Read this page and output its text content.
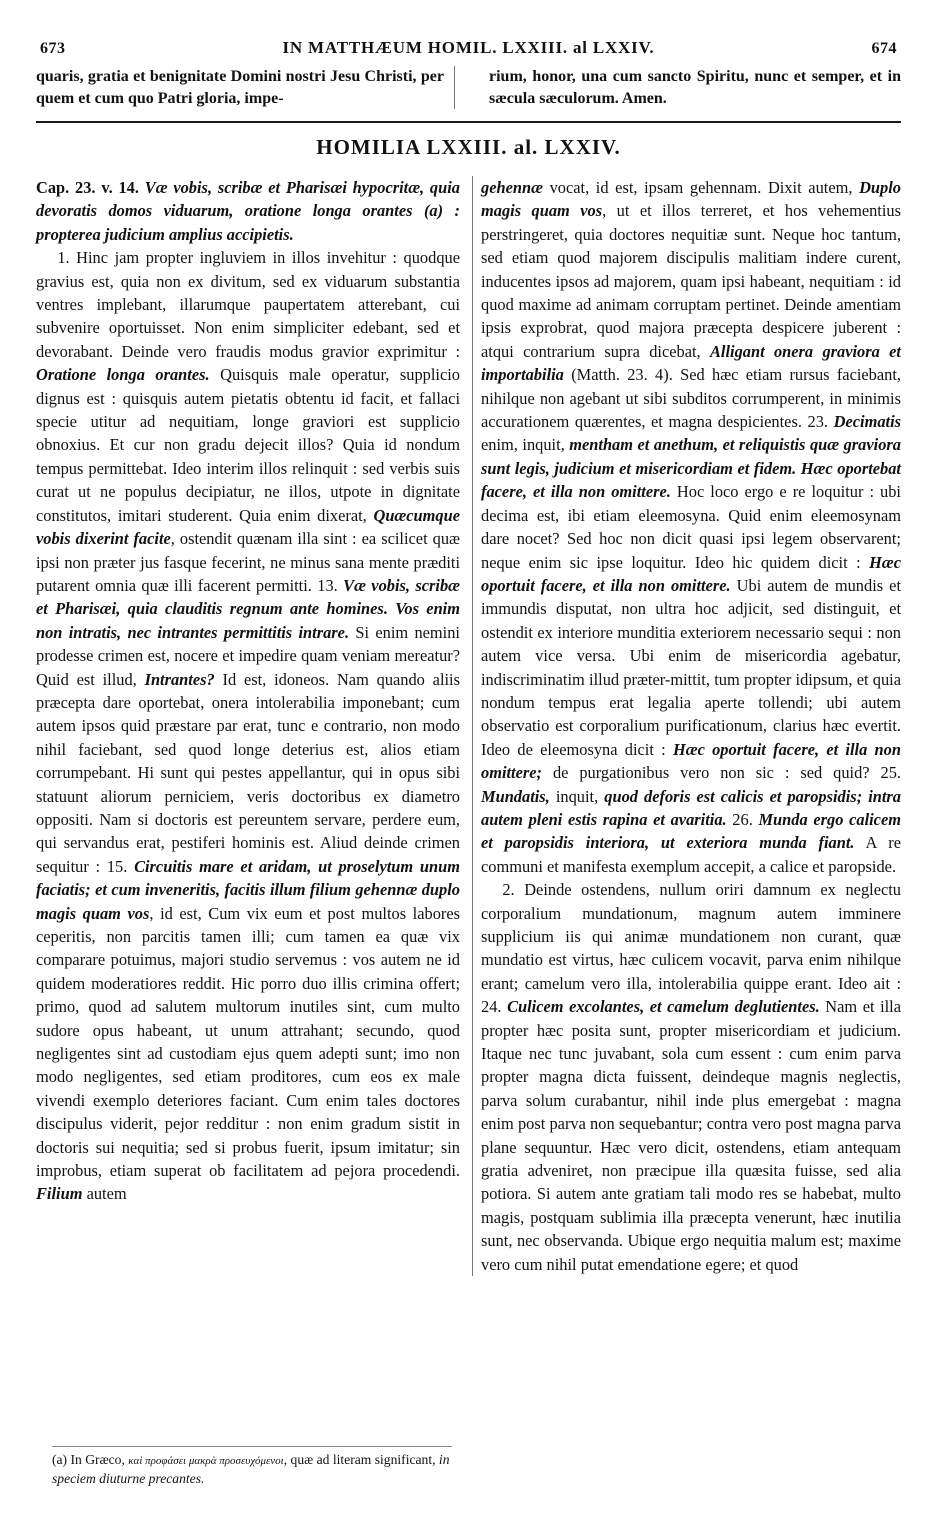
673	IN MATTHÆUM HOMIL. LXXIII. al LXXIV.	674
quaris, gratia et benignitate Domini nostri Jesu Christi, per quem et cum quo Patri gloria, impe-
rium, honor, una cum sancto Spiritu, nunc et semper, et in sæcula sæculorum. Amen.
HOMILIA LXXIII. al. LXXIV.

Cap. 23. v. 14. Væ vobis, scribæ et Pharisæi hypocritæ, quia devoratis domos viduarum, oratione longa orantes (a) : propterea judicium amplius accipietis.

1. Hinc jam propter ingluviem in illos invehitur : quodque gravius est, quia non ex divitum, sed ex viduarum substantia ventres implebant, illarumque paupertatem atterebant, cui subvenire oportuisset. Non enim simpliciter edebant, sed et devorabant. Deinde vero fraudis modus gravior exprimitur : Oratione longa orantes. Quisquis male operatur, supplicio dignus est : quisquis autem pietatis obtentu id facit, et fallaci specie utitur ad nequitiam, longe graviori est supplicio obnoxius. Et cur non gradu dejecit illos? Quia id nondum tempus permittebat. Ideo interim illos relinquit : sed verbis suis curat ut ne populus decipiatur, ne illos, utpote in dignitate constitutos, imitari studerent. Quia enim dixerat, Quæcumque vobis dixerint facite, ostendit quænam illa sint : ea scilicet quæ ipsi non præter jus fasque fecerint, ne minus sana mente præditi putarent omnia quæ illi facerent permitti. 13. Væ vobis, scribæ et Pharisæi, quia clauditis regnum ante homines. Vos enim non intratis, nec intrantes permittitis intrare. Si enim nemini prodesse crimen est, nocere et impedire quam veniam mereatur? Quid est illud, Intrantes? Id est, idoneos. Nam quando aliis præcepta dare oportebat, onera intolerabilia imponebant; cum autem ipsos quid præstare par erat, tunc e contrario, non modo nihil faciebant, sed quod longe deterius est, alios etiam corrumpebant. Hi sunt qui pestes appellantur, qui in opus sibi statuunt aliorum perniciem, veris doctoribus ex diametro oppositi. Nam si doctoris est pereuntem servare, perdere eum, qui servandus erat, pestiferi hominis est. Aliud deinde crimen sequitur : 15. Circuitis mare et aridam, ut proselytum unum faciatis; et cum inveneritis, facitis illum filium gehennæ duplo magis quam vos, id est, Cum vix eum et post multos labores ceperitis, non parcitis tamen illi; cum tamen ea quæ vix comparare potuimus, majori studio servemus : vos autem ne id quidem moderatiores reddit. Hic porro duo illis crimina offert; primo, quod ad salutem multorum inutiles sint, cum multo sudore opus habeant, ut unum attrahant; secundo, quod negligentes sint ad custodiam ejus quem adepti sunt; imo non modo negligentes, sed etiam proditores, cum eos ex male vivendi exemplo deteriores faciant. Cum enim tales doctores discipulus viderit, pejor redditur : non enim gradum sistit in doctoris sui nequitia; sed si probus fuerit, ipsum imitatur; sin improbus, etiam superat ob facilitatem ad pejora procedendi. Filium autem

gehennæ vocat, id est, ipsam gehennam. Dixit autem, Duplo magis quam vos, ut et illos terreret, et hos vehementius perstringeret, quia doctores nequitiæ sunt. Neque hoc tantum, sed etiam quod majorem discipulis malitiam indere curent, inducentes ipsos ad majorem, quam ipsi habeant, nequitiam : id quod maxime ad animam corruptam pertinet. Deinde amentiam ipsis exprobrat, quod majora præcepta despicere juberent : atqui contrarium supra dicebat, Alligant onera graviora et importabilia (Matth. 23. 4). Sed hæc etiam rursus faciebant, nihilque non agebant ut sibi subditos corrumperent, in minimis accurationem quærentes, et magna despicientes. 23. Decimatis enim, inquit, mentham et anethum, et reliquistis quæ graviora sunt legis, judicium et misericordiam et fidem. Hæc oportebat facere, et illa non omittere. Hoc loco ergo e re loquitur : ubi decima est, ibi etiam eleemosyna. Quid enim eleemosynam dare nocet? Sed hoc non dicit quasi ipsi legem observarent; neque enim sic ipse loquitur. Ideo hic quidem dicit : Hæc oportuit facere, et illa non omittere. Ubi autem de mundis et immundis disputat, non ultra hoc adjicit, sed distinguit, et ostendit ex interiore munditia exteriorem necessario sequi : non autem vice versa. Ubi enim de misericordia agebatur, indiscriminatim illud præter-mittit, tum propter idipsum, et quia nondum tempus erat legalia aperte tollendi; ubi autem observatio est corporalium purificationum, clarius hæc evertit. Ideo de eleemosyna dicit : Hæc oportuit facere, et illa non omittere; de purgationibus vero non sic : sed quid? 25. Mundatis, inquit, quod deforis est calicis et paropsidis; intra autem pleni estis rapina et avaritia. 26. Munda ergo calicem et paropsidis interiora, ut exteriora munda fiant. A re communi et manifesta exemplum accepit, a calice et paropside.

2. Deinde ostendens, nullum oriri damnum ex neglectu corporalium mundationum, magnum autem imminere supplicium iis qui animæ mundationem non curant, quæ mundatio est virtus, hæc culicem vocavit, parva enim nihilque erant; camelum vero illa, intolerabilia quippe erant. Ideo ait : 24. Culicem excolantes, et camelum deglutientes. Nam et illa propter hæc posita sunt, propter misericordiam et judicium. Itaque nec tunc juvabant, sola cum essent : cum enim parva propter magna dicta fuissent, deindeque magnis neglectis, parva solum curabantur, nihil inde plus emergebat : magna enim post parva non sequebantur; contra vero post magna parva plane sequuntur. Hæc vero dicit, ostendens, etiam antequam gratia adveniret, non præcipue illa quæsita fuisse, sed alia potiora. Si autem ante gratiam tali modo res se habebat, multo magis, postquam sublimia illa præcepta venerunt, hæc inutilia sunt, nec observanda. Ubique ergo nequitia malum est; maxime vero cum nihil putat emendatione egere; et quod

(a) In Græco, καὶ προφάσει μακρὰ προσευχόμενοι, quæ ad literam significant, in speciem diuturne precantes.
